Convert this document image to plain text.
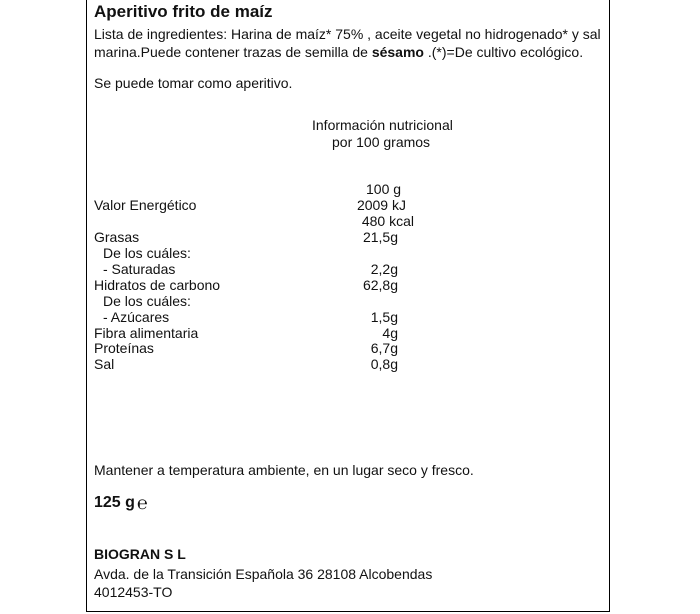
Aperitivo frito de maíz
Lista de ingredientes: Harina de maíz* 75% , aceite vegetal no hidrogenado* y sal marina.Puede contener trazas de semilla de sésamo .(*)=De cultivo ecológico.
Se puede tomar como aperitivo.
Información nutricional
por 100 gramos
100 g
Valor Energético	2009 kJ
480 kcal
Grasas	21,5g
De los cuáles:
- Saturadas	2,2g
Hidratos de carbono	62,8g
De los cuáles:
- Azúcares	1,5g
Fibra alimentaria	4g
Proteínas	6,7g
Sal	0,8g
Mantener a temperatura ambiente, en un lugar seco y fresco.
125 g ℮
BIOGRAN S L
Avda. de la Transición Española 36 28108 Alcobendas
4012453-TO
